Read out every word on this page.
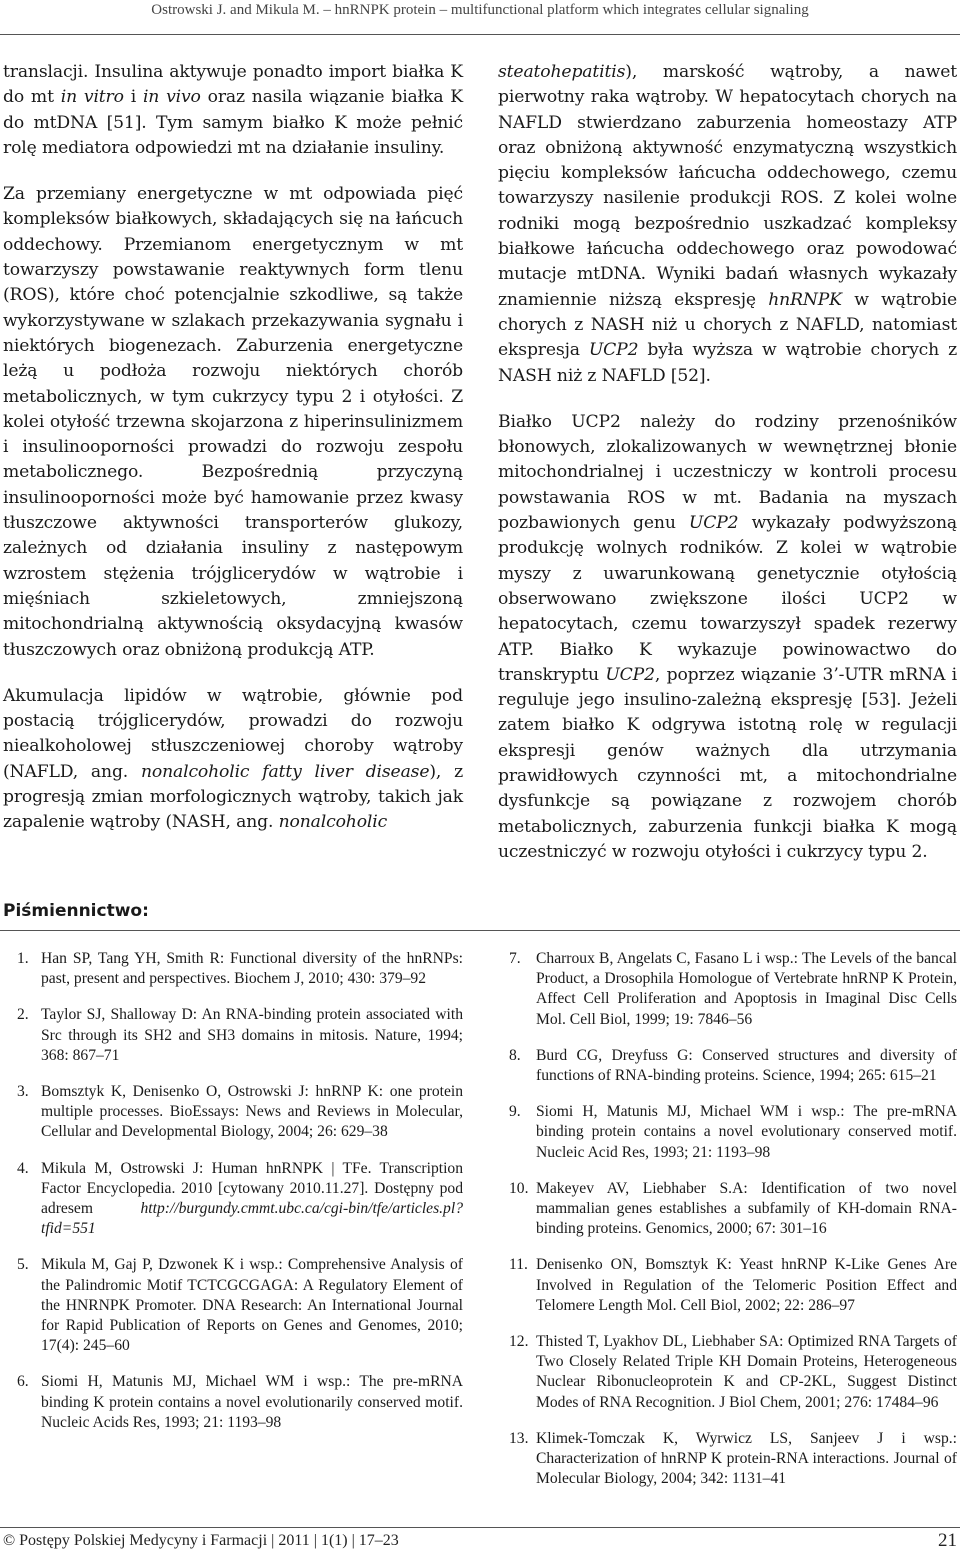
Ostrowski J. and Mikula M. – hnRNPK protein – multifunctional platform which integrates cellular signaling

translacji. Insulina aktywuje ponadto import białka K do mt in vitro i in vivo oraz nasila wiązanie białka K do mtDNA [51]. Tym samym białko K może pełnić rolę mediatora odpowiedzi mt na działanie insuliny.

Za przemiany energetyczne w mt odpowiada pięć kompleksów białkowych, składających się na łańcuch oddechowy. Przemianom energetycznym w mt towarzyszy powstawanie reaktywnych form tlenu (ROS), które choć potencjalnie szkodliwe, są także wykorzystywane w szlakach przekazywania sygnału i niektórych biogenezach. Zaburzenia energetyczne leżą u podłoża rozwoju niektórych chorób metabolicznych, w tym cukrzycy typu 2 i otyłości. Z kolei otyłość trzewna skojarzona z hiperinsulinizmem i insulinooporności prowadzi do rozwoju zespołu metabolicznego. Bezpośrednią przyczyną insulinooporności może być hamowanie przez kwasy tłuszczowe aktywności transporterów glukozy, zależnych od działania insuliny z następowym wzrostem stężenia trójglicerydów w wątrobie i mięśniach szkieletowych, zmniejszoną mitochondrialną aktywnością oksydacyjną kwasów tłuszczowych oraz obniżoną produkcją ATP.

Akumulacja lipidów w wątrobie, głównie pod postacią trójglicerydów, prowadzi do rozwoju niealkoholowej stłuszczeniowej choroby wątroby (NAFLD, ang. nonalcoholic fatty liver disease), z progresją zmian morfologicznych wątroby, takich jak zapalenie wątroby (NASH, ang. nonalcoholic

steatohepatitis), marskość wątroby, a nawet pierwotny raka wątroby. W hepatocytach chorych na NAFLD stwierdzano zaburzenia homeostazy ATP oraz obniżoną aktywność enzymatyczną wszystkich pięciu kompleksów łańcucha oddechowego, czemu towarzyszy nasilenie produkcji ROS. Z kolei wolne rodniki mogą bezpośrednio uszkadzać kompleksy białkowe łańcucha oddechowego oraz powodować mutacje mtDNA. Wyniki badań własnych wykazały znamiennie niższą ekspresję hnRNPK w wątrobie chorych z NASH niż u chorych z NAFLD, natomiast ekspresja UCP2 była wyższa w wątrobie chorych z NASH niż z NAFLD [52].

Białko UCP2 należy do rodziny przenośników błonowych, zlokalizowanych w wewnętrznej błonie mitochondrialnej i uczestniczy w kontroli procesu powstawania ROS w mt. Badania na myszach pozbawionych genu UCP2 wykazały podwyższoną produkcję wolnych rodników. Z kolei w wątrobie myszy z uwarunkowaną genetycznie otyłością obserwowano zwiększone ilości UCP2 w hepatocytach, czemu towarzyszył spadek rezerwy ATP. Białko K wykazuje powinowactwo do transkryptu UCP2, poprzez wiązanie 3’-UTR mRNA i reguluje jego insulino-zależną ekspresję [53]. Jeżeli zatem białko K odgrywa istotną rolę w regulacji ekspresji genów ważnych dla utrzymania prawidłowych czynności mt, a mitochondrialne dysfunkcje są powiązane z rozwojem chorób metabolicznych, zaburzenia funkcji białka K mogą uczestniczyć w rozwoju otyłości i cukrzycy typu 2.

Piśmiennictwo:
1. Han SP, Tang YH, Smith R: Functional diversity of the hnRNPs: past, present and perspectives. Biochem J, 2010; 430: 379–92
2. Taylor SJ, Shalloway D: An RNA-binding protein associated with Src through its SH2 and SH3 domains in mitosis. Nature, 1994; 368: 867–71
3. Bomsztyk K, Denisenko O, Ostrowski J: hnRNP K: one protein multiple processes. BioEssays: News and Reviews in Molecular, Cellular and Developmental Biology, 2004; 26: 629–38
4. Mikula M, Ostrowski J: Human hnRNPK | TFe. Transcription Factor Encyclopedia. 2010 [cytowany 2010.11.27]. Dostępny pod adresem http://burgundy.cmmt.ubc.ca/cgi-bin/tfe/articles.pl?tfid=551
5. Mikula M, Gaj P, Dzwonek K i wsp.: Comprehensive Analysis of the Palindromic Motif TCTCGCGAGA: A Regulatory Element of the HNRNPK Promoter. DNA Research: An International Journal for Rapid Publication of Reports on Genes and Genomes, 2010; 17(4): 245–60
6. Siomi H, Matunis MJ, Michael WM i wsp.: The pre-mRNA binding K protein contains a novel evolutionarily conserved motif. Nucleic Acids Res, 1993; 21: 1193–98
7. Charroux B, Angelats C, Fasano L i wsp.: The Levels of the bancal Product, a Drosophila Homologue of Vertebrate hnRNP K Protein, Affect Cell Proliferation and Apoptosis in Imaginal Disc Cells Mol. Cell Biol, 1999; 19: 7846–56
8. Burd CG, Dreyfuss G: Conserved structures and diversity of functions of RNA-binding proteins. Science, 1994; 265: 615–21
9. Siomi H, Matunis MJ, Michael WM i wsp.: The pre-mRNA binding protein contains a novel evolutionary conserved motif. Nucleic Acid Res, 1993; 21: 1193–98
10. Makeyev AV, Liebhaber S.A: Identification of two novel mammalian genes establishes a subfamily of KH-domain RNA-binding proteins. Genomics, 2000; 67: 301–16
11. Denisenko ON, Bomsztyk K: Yeast hnRNP K-Like Genes Are Involved in Regulation of the Telomeric Position Effect and Telomere Length Mol. Cell Biol, 2002; 22: 286–97
12. Thisted T, Lyakhov DL, Liebhaber SA: Optimized RNA Targets of Two Closely Related Triple KH Domain Proteins, Heterogeneous Nuclear Ribonucleoprotein K and CP-2KL, Suggest Distinct Modes of RNA Recognition. J Biol Chem, 2001; 276: 17484–96
13. Klimek-Tomczak K, Wyrwicz LS, Sanjeev J i wsp.: Characterization of hnRNP K protein-RNA interactions. Journal of Molecular Biology, 2004; 342: 1131–41
© Postępy Polskiej Medycyny i Farmacji | 2011 | 1(1) | 17–23	21
